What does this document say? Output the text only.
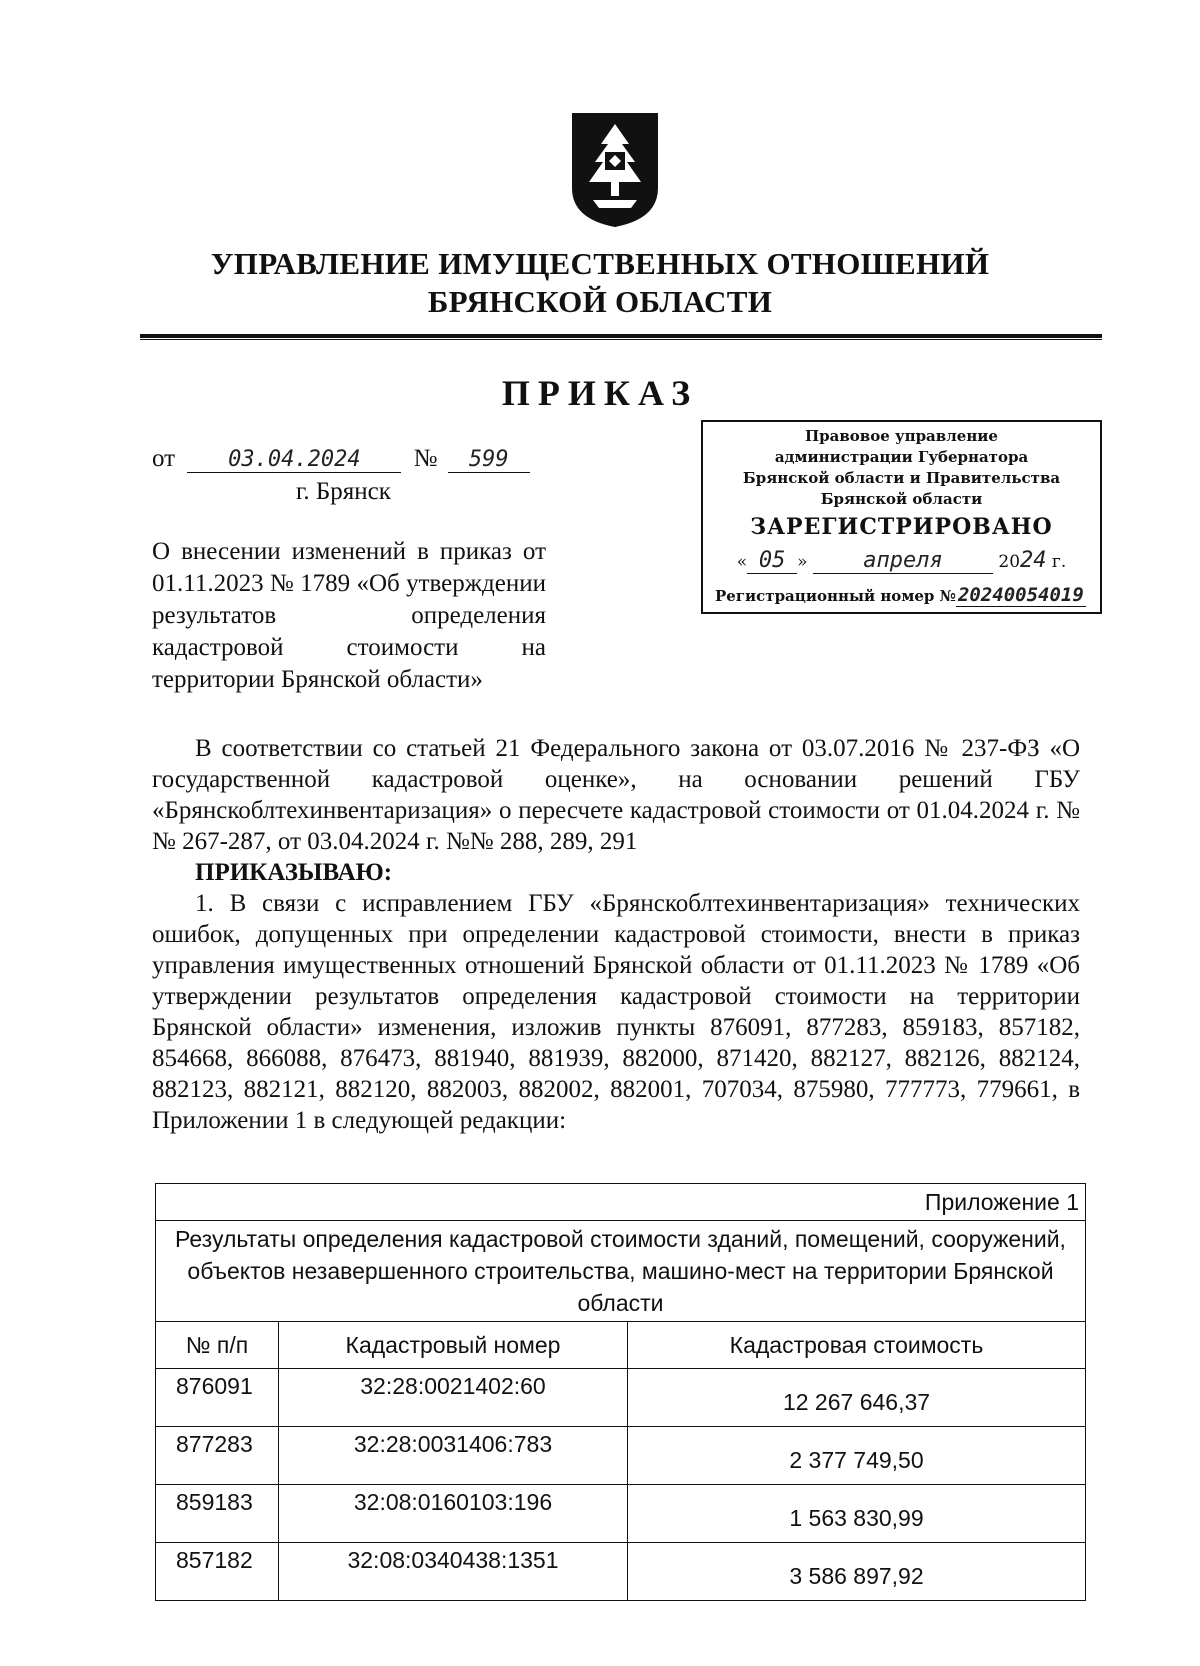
УПРАВЛЕНИЕ ИМУЩЕСТВЕННЫХ ОТНОШЕНИЙ
БРЯНСКОЙ ОБЛАСТИ
ПРИКАЗ
от 03.04.2024 № 599
г. Брянск
О внесении изменений в приказ от 01.11.2023 № 1789 «Об утверждении результатов определения кадастровой стоимости на территории Брянской области»
Правовое управление
администрации Губернатора
Брянской области и Правительства
Брянской области
ЗАРЕГИСТРИРОВАНО
« 05 » апреля	2024 г.
Регистрационный номер № 20240054019
В соответствии со статьей 21 Федерального закона от 03.07.2016 № 237-ФЗ «О государственной кадастровой оценке», на основании решений ГБУ «Брянскоблтехинвентаризация» о пересчете кадастровой стоимости от 01.04.2024 г. №№ 267-287, от 03.04.2024 г. №№ 288, 289, 291
ПРИКАЗЫВАЮ:
1. В связи с исправлением ГБУ «Брянскоблтехинвентаризация» технических ошибок, допущенных при определении кадастровой стоимости, внести в приказ управления имущественных отношений Брянской области от 01.11.2023 № 1789 «Об утверждении результатов определения кадастровой стоимости на территории Брянской области» изменения, изложив пункты 876091, 877283, 859183, 857182, 854668, 866088, 876473, 881940, 881939, 882000, 871420, 882127, 882126, 882124, 882123, 882121, 882120, 882003, 882002, 882001, 707034, 875980, 777773, 779661, в Приложении 1 в следующей редакции:
Приложение 1		
Результаты определения кадастровой стоимости зданий, помещений, сооружений, объектов незавершенного строительства, машино-мест на территории Брянской области		
№ п/п	Кадастровый номер	Кадастровая стоимость
876091	32:28:0021402:60	12 267 646,37
877283	32:28:0031406:783	2 377 749,50
859183	32:08:0160103:196	1 563 830,99
857182	32:08:0340438:1351	3 586 897,92
